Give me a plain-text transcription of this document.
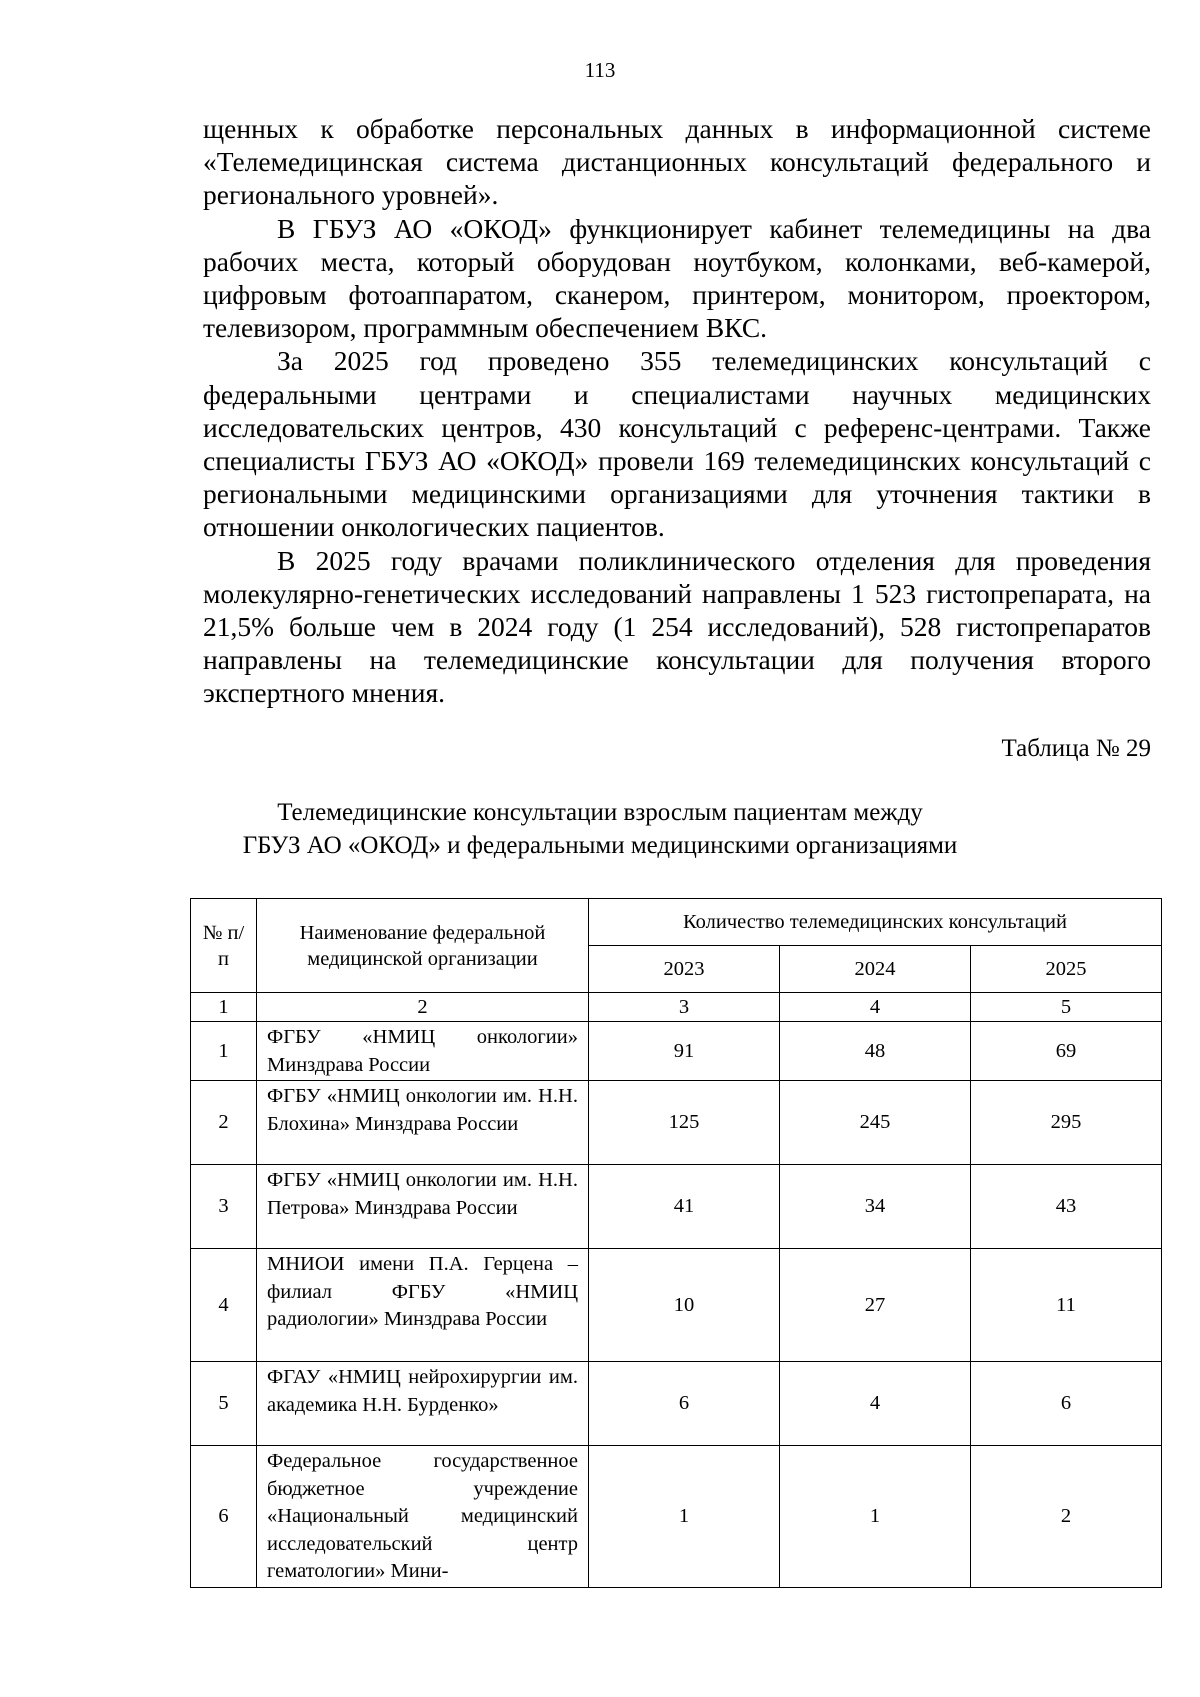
113

щенных к обработке персональных данных в информационной системе «Телемедицинская система дистанционных консультаций федерального и регионального уровней».

В ГБУЗ АО «ОКОД» функционирует кабинет телемедицины на два рабочих места, который оборудован ноутбуком, колонками, веб-камерой, цифровым фотоаппаратом, сканером, принтером, монитором, проектором, телевизором, программным обеспечением ВКС.

За 2025 год проведено 355 телемедицинских консультаций с федеральными центрами и специалистами научных медицинских исследовательских центров, 430 консультаций с референс-центрами. Также специалисты ГБУЗ АО «ОКОД» провели 169 телемедицинских консультаций с региональными медицинскими организациями для уточнения тактики в отношении онкологических пациентов.

В 2025 году врачами поликлинического отделения для проведения молекулярно-генетических исследований направлены 1 523 гистопрепарата, на 21,5% больше чем в 2024 году (1 254 исследований), 528 гистопрепаратов направлены на телемедицинские консультации для получения второго экспертного мнения.

Таблица № 29
Телемедицинские консультации взрослым пациентам между
ГБУЗ АО «ОКОД» и федеральными медицинскими организациями
№ п/п	Наименование федеральной медицинской организации	Количество телемедицинских консультаций		
		2023	2024	2025
1	2	3	4	5
1	ФГБУ «НМИЦ онкологии» Минздрава России	91	48	69
2	ФГБУ «НМИЦ онкологии им. Н.Н. Блохина» Минздрава России	125	245	295
3	ФГБУ «НМИЦ онкологии им. Н.Н. Петрова» Минздрава России	41	34	43
4	МНИОИ имени П.А. Герцена – филиал ФГБУ «НМИЦ радиологии» Минздрава России	10	27	11
5	ФГАУ «НМИЦ нейрохирургии им. академика Н.Н. Бурденко»	6	4	6
6	Федеральное государственное бюджетное учреждение «Национальный медицинский исследовательский центр гематологии» Мини-	1	1	2
